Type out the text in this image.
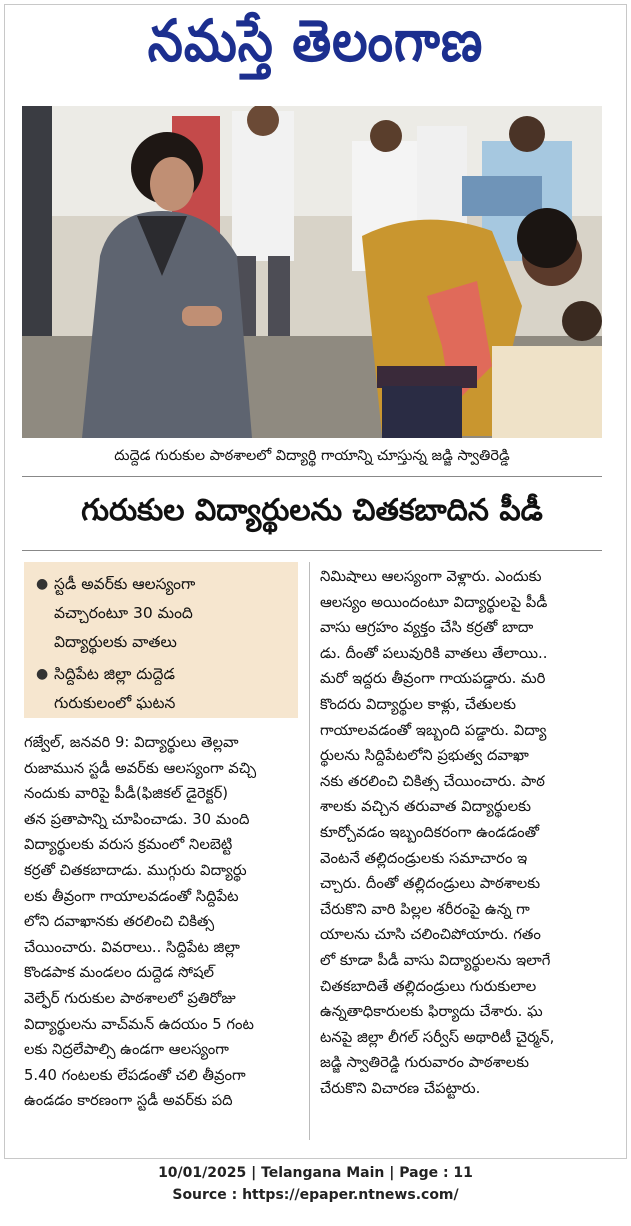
నమస్తే తెలంగాణ
దుద్దెడ గురుకుల పాఠశాలలో విద్యార్థి గాయాన్ని చూస్తున్న జడ్జి స్వాతిరెడ్డి
గురుకుల విద్యార్థులను చితకబాదిన పీడీ
● స్టడీ అవర్‌కు ఆలస్యంగా
వచ్చారంటూ 30 మంది
విద్యార్థులకు వాతలు
● సిద్దిపేట జిల్లా దుద్దెడ
గురుకులంలో ఘటన
గజ్వేల్, జనవరి 9: విద్యార్థులు తెల్లవా
రుజామున స్టడీ అవర్‌కు ఆలస్యంగా వచ్చి
నందుకు వారిపై పీడీ(ఫిజికల్ డైరెక్టర్)
తన ప్రతాపాన్ని చూపించాడు. 30 మంది
విద్యార్థులకు వరుస క్రమంలో నిలబెట్టి
కర్రతో చితకబాదాడు. ముగ్గురు విద్యార్థు
లకు తీవ్రంగా గాయాలవడంతో సిద్దిపేట
లోని దవాఖానకు తరలించి చికిత్స
చేయించారు. వివరాలు.. సిద్దిపేట జిల్లా
కొండపాక మండలం దుద్దెడ సోషల్
వెల్ఫేర్ గురుకుల పాఠశాలలో ప్రతిరోజు
విద్యార్థులను వాచ్‌మన్ ఉదయం 5 గంట
లకు నిద్రలేపాల్సి ఉండగా ఆలస్యంగా
5.40 గంటలకు లేపడంతో చలి తీవ్రంగా
ఉండడం కారణంగా స్టడీ అవర్‌కు పది
నిమిషాలు ఆలస్యంగా వెళ్లారు. ఎందుకు
ఆలస్యం అయిందంటూ విద్యార్థులపై పీడీ
వాసు ఆగ్రహం వ్యక్తం చేసి కర్రతో బాదా
డు. దీంతో పలువురికి వాతలు తేలాయి..
మరో ఇద్దరు తీవ్రంగా గాయపడ్డారు. మరి
కొందరు విద్యార్థుల కాళ్లు, చేతులకు
గాయాలవడంతో ఇబ్బంది పడ్డారు. విద్యా
ర్థులను సిద్దిపేటలోని ప్రభుత్వ దవాఖా
నకు తరలించి చికిత్స చేయించారు. పాఠ
శాలకు వచ్చిన తరువాత విద్యార్థులకు
కూర్చోవడం ఇబ్బందికరంగా ఉండడంతో
వెంటనే తల్లిదండ్రులకు సమాచారం ఇ
చ్చారు. దీంతో తల్లిదండ్రులు పాఠశాలకు
చేరుకొని వారి పిల్లల శరీరంపై ఉన్న గా
యాలను చూసి చలించిపోయారు. గతం
లో కూడా పీడీ వాసు విద్యార్థులను ఇలాగే
చితకబాదితే తల్లిదండ్రులు గురుకులాల
ఉన్నతాధికారులకు ఫిర్యాదు చేశారు. ఘ
టనపై జిల్లా లీగల్ సర్వీస్ అథారిటీ చైర్మన్,
జడ్జి స్వాతిరెడ్డి గురువారం పాఠశాలకు
చేరుకొని విచారణ చేపట్టారు.
10/01/2025 | Telangana Main | Page : 11
Source : https://epaper.ntnews.com/
